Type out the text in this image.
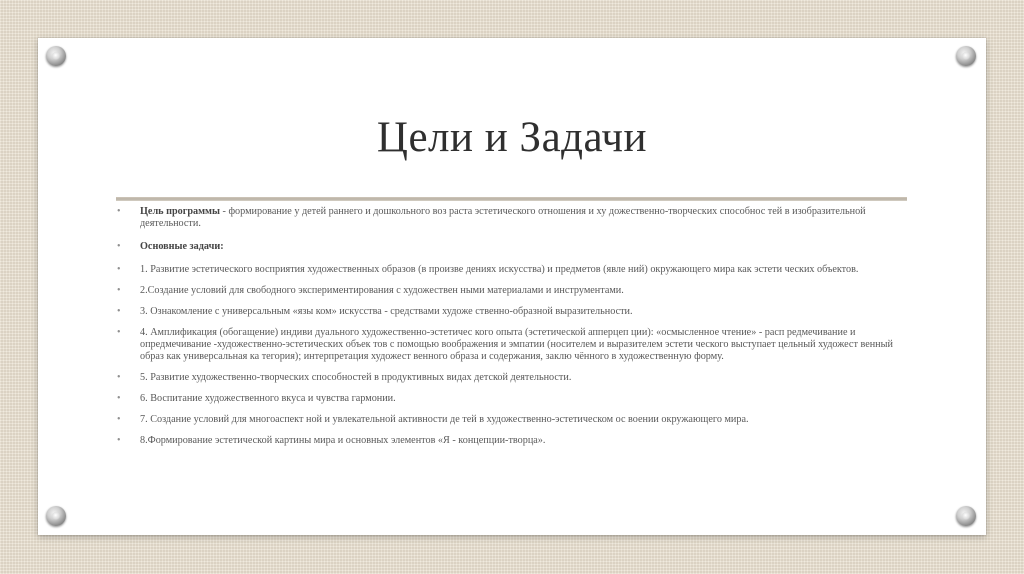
Цели и Задачи
• Цель программы - формирование у детей раннего и дошкольного воз раста эстетического отношения и ху дожественно-творческих способнос тей в изобразительной деятельности.
• Основные задачи:
• 1. Развитие эстетического восприятия художественных образов (в произве дениях искусства) и предметов (явле ний) окружающего мира как эстети ческих объектов.
• 2.Создание условий для свободного экспериментирования с художествен ными материалами и инструментами.
• 3. Ознакомление с универсальным «язы ком» искусства - средствами художе ственно-образной выразительности.
• 4. Амплификация (обогащение) индиви дуального художественно-эстетичес кого опыта (эстетической апперцеп ции): «осмысленное чтение» - расп редмечивание и опредмечивание -художественно-эстетических объек тов с помощью воображения и эмпатии (носителем и выразителем эстети ческого выступает цельный художест венный образ как универсальная ка тегория); интерпретация художест венного образа и содержания, заклю чённого в художественную форму.
• 5. Развитие художественно-творческих способностей в продуктивных видах детской деятельности.
• 6. Воспитание художественного вкуса и чувства гармонии.
• 7. Создание условий для многоаспект ной и увлекательной активности де тей в художественно-эстетическом ос воении окружающего мира.
• 8.Формирование эстетической картины мира и основных элементов «Я - концепции-творца».
